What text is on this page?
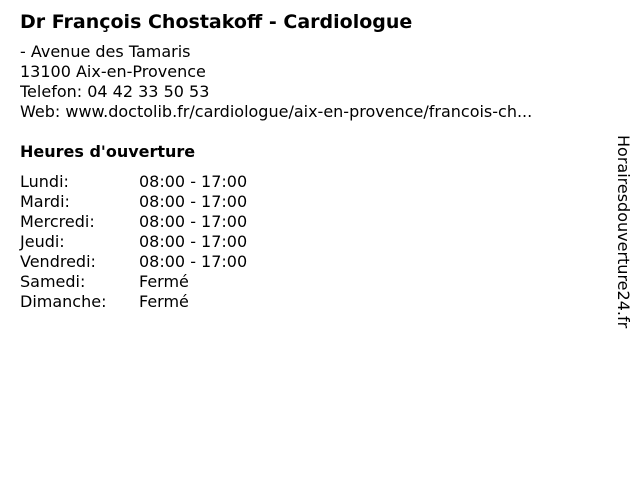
Dr François Chostakoff - Cardiologue
- Avenue des Tamaris
13100 Aix-en-Provence
Telefon: 04 42 33 50 53
Web: www.doctolib.fr/cardiologue/aix-en-provence/francois-ch...
Heures d'ouverture
Lundi:	08:00 - 17:00
Mardi:	08:00 - 17:00
Mercredi:	08:00 - 17:00
Jeudi:	08:00 - 17:00
Vendredi:	08:00 - 17:00
Samedi:	Fermé
Dimanche:	Fermé	Horairesdouverture24.fr
